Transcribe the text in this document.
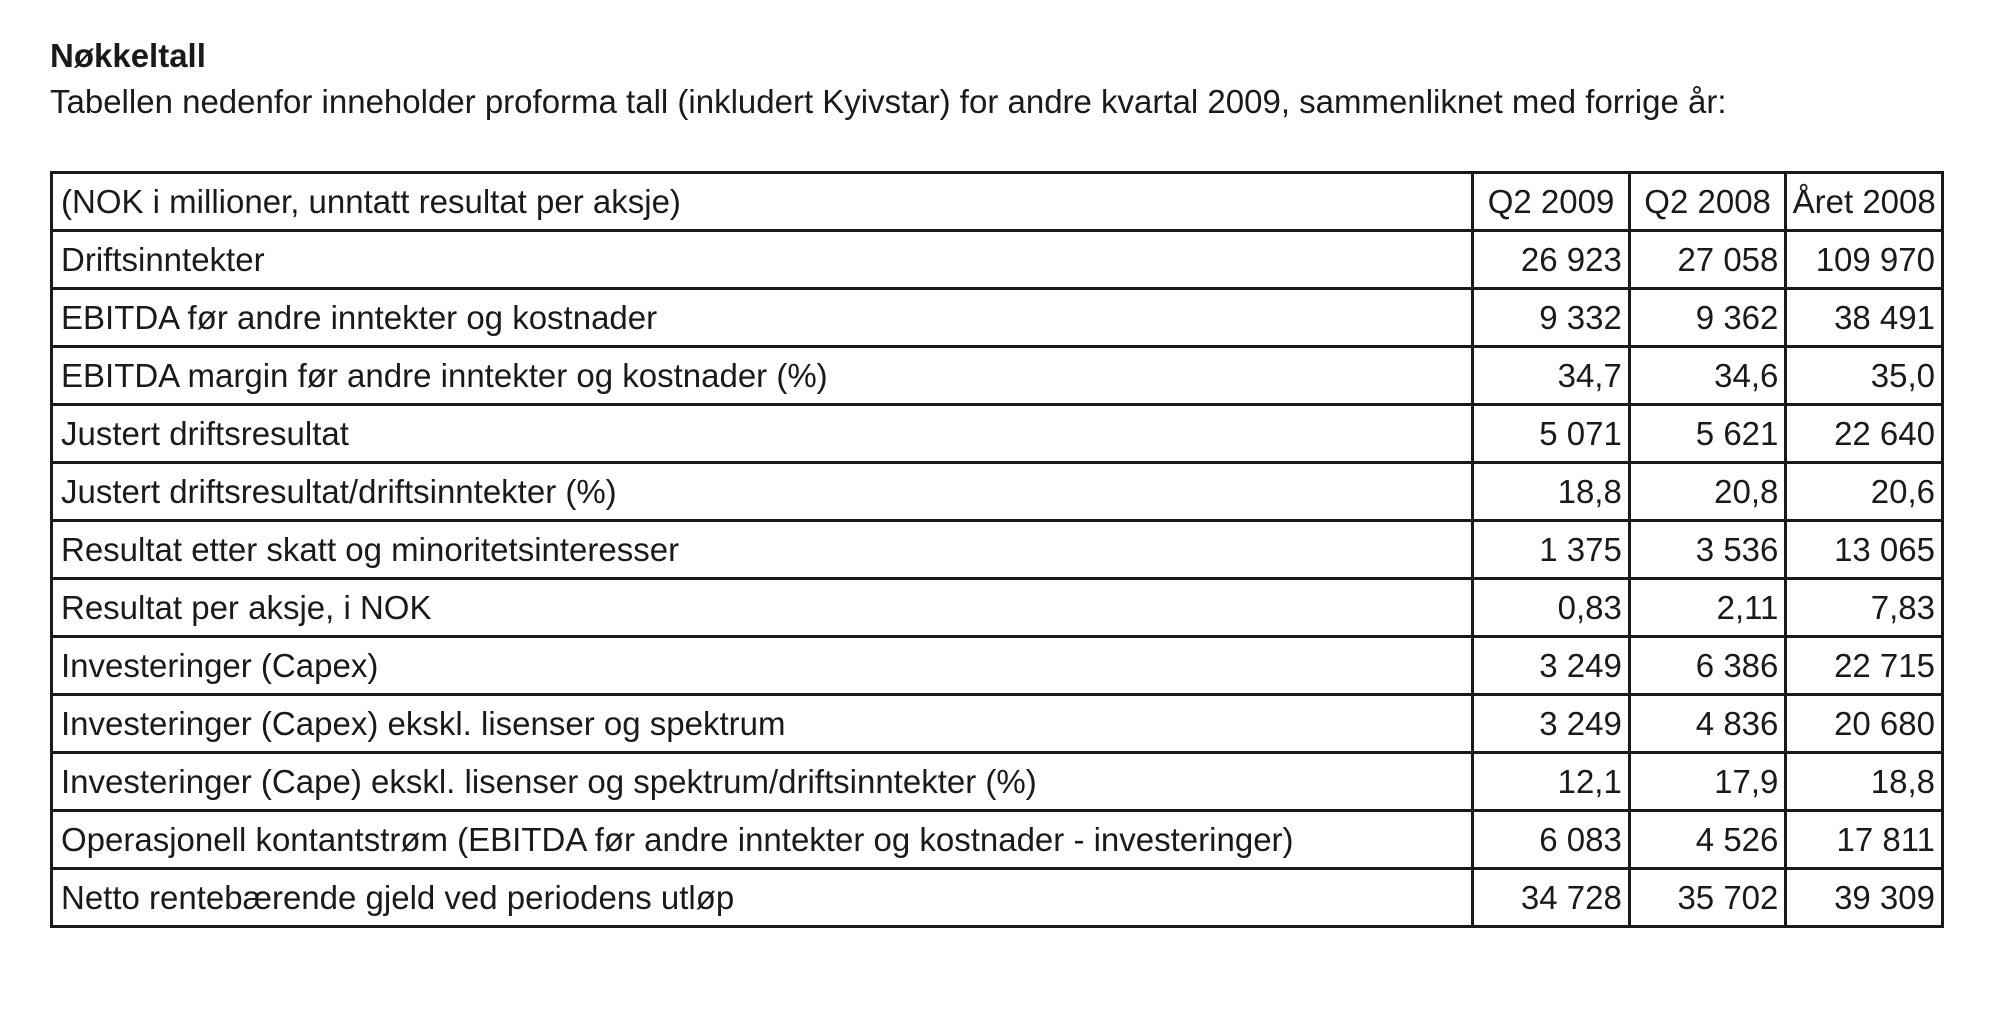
Nøkkeltall

Tabellen nedenfor inneholder proforma tall (inkludert Kyivstar) for andre kvartal 2009, sammenliknet med forrige år:

(NOK i millioner, unntatt resultat per aksje)	Q2 2009	Q2 2008	Året 2008
Driftsinntekter	26 923	27 058	109 970
EBITDA før andre inntekter og kostnader	9 332	9 362	38 491
EBITDA margin før andre inntekter og kostnader (%)	34,7	34,6	35,0
Justert driftsresultat	5 071	5 621	22 640
Justert driftsresultat/driftsinntekter (%)	18,8	20,8	20,6
Resultat etter skatt og minoritetsinteresser	1 375	3 536	13 065
Resultat per aksje, i NOK	0,83	2,11	7,83
Investeringer (Capex)	3 249	6 386	22 715
Investeringer (Capex) ekskl. lisenser og spektrum	3 249	4 836	20 680
Investeringer (Cape) ekskl. lisenser og spektrum/driftsinntekter (%)	12,1	17,9	18,8
Operasjonell kontantstrøm (EBITDA før andre inntekter og kostnader - investeringer)	6 083	4 526	17 811
Netto rentebærende gjeld ved periodens utløp	34 728	35 702	39 309
